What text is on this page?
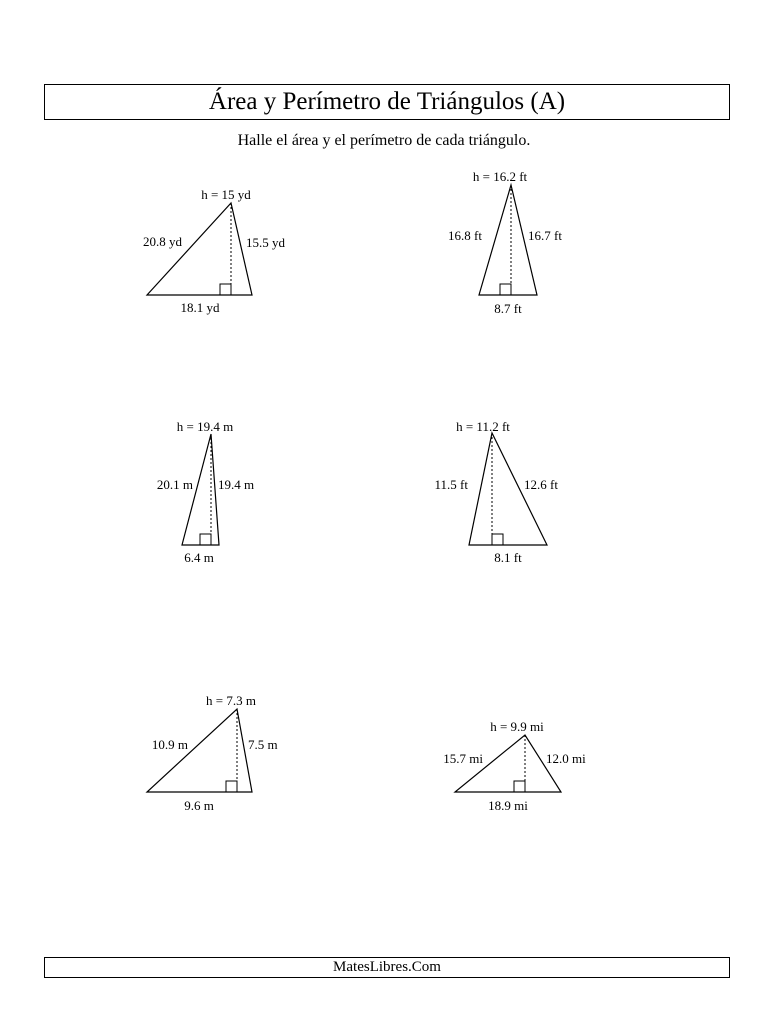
Área y Perímetro de Triángulos (A)
Halle el área y el perímetro de cada triángulo.
h = 15 yd
20.8 yd	15.5 yd
18.1 yd
h = 16.2 ft
16.8 ft	16.7 ft
8.7 ft
h = 19.4 m
20.1 m 19.4 m
6.4 m
h = 11.2 ft
11.5 ft	12.6 ft
8.1 ft
h = 7.3 m
10.9 m	7.5 m
9.6 m
h = 9.9 mi
15.7 mi	12.0 mi
18.9 mi
MatesLibres.Com
